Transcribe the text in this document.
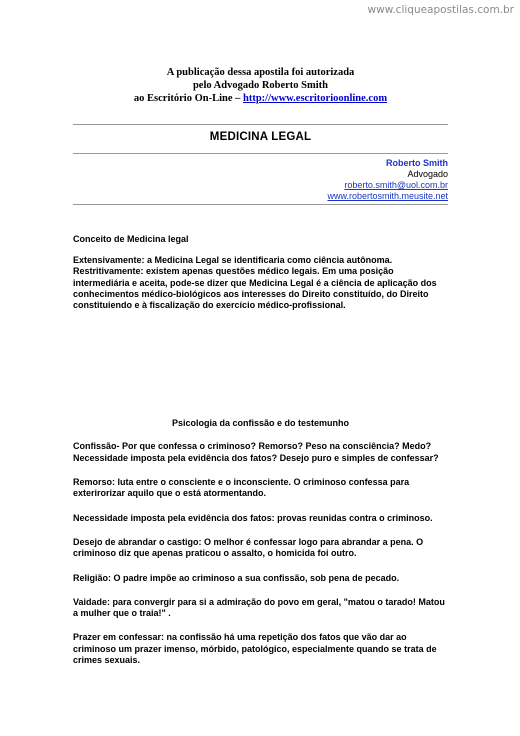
www.cliqueapostilas.com.br
A publicação dessa apostila foi autorizada
pelo Advogado Roberto Smith
ao Escritório On-Line – http://www.escritorioonline.com
MEDICINA LEGAL
Roberto Smith
Advogado
roberto.smith@uol.com.br
www.robertosmith.meusite.net

Conceito de Medicina legal

Extensivamente: a Medicina Legal se identificaria como ciência autônoma. Restritivamente: existem apenas questões médico legais. Em uma posição intermediária e aceita, pode-se dizer que Medicina Legal é a ciência de aplicação dos conhecimentos médico-biológicos aos interesses do Direito constituído, do Direito constituiendo e à fiscalização do exercício médico-profissional.

Psicologia da confissão e do testemunho

Confissão- Por que confessa o criminoso? Remorso? Peso na consciência? Medo? Necessidade imposta pela evidência dos fatos? Desejo puro e simples de confessar?

Remorso: luta entre o consciente e o inconsciente. O criminoso confessa para exterirorizar aquilo que o está atormentando.

Necessidade imposta pela evidência dos fatos: provas reunidas contra o criminoso.

Desejo de abrandar o castigo: O melhor é confessar logo para abrandar a pena. O criminoso diz que apenas praticou o assalto, o homicida foi outro.

Religião: O padre impõe ao criminoso a sua confissão, sob pena de pecado.

Vaidade: para convergir para si a admiração do povo em geral, "matou o tarado! Matou a mulher que o traia!" .

Prazer em confessar: na confissão há uma repetição dos fatos que vão dar ao criminoso um prazer imenso, mórbido, patológico, especialmente quando se trata de crimes sexuais.
